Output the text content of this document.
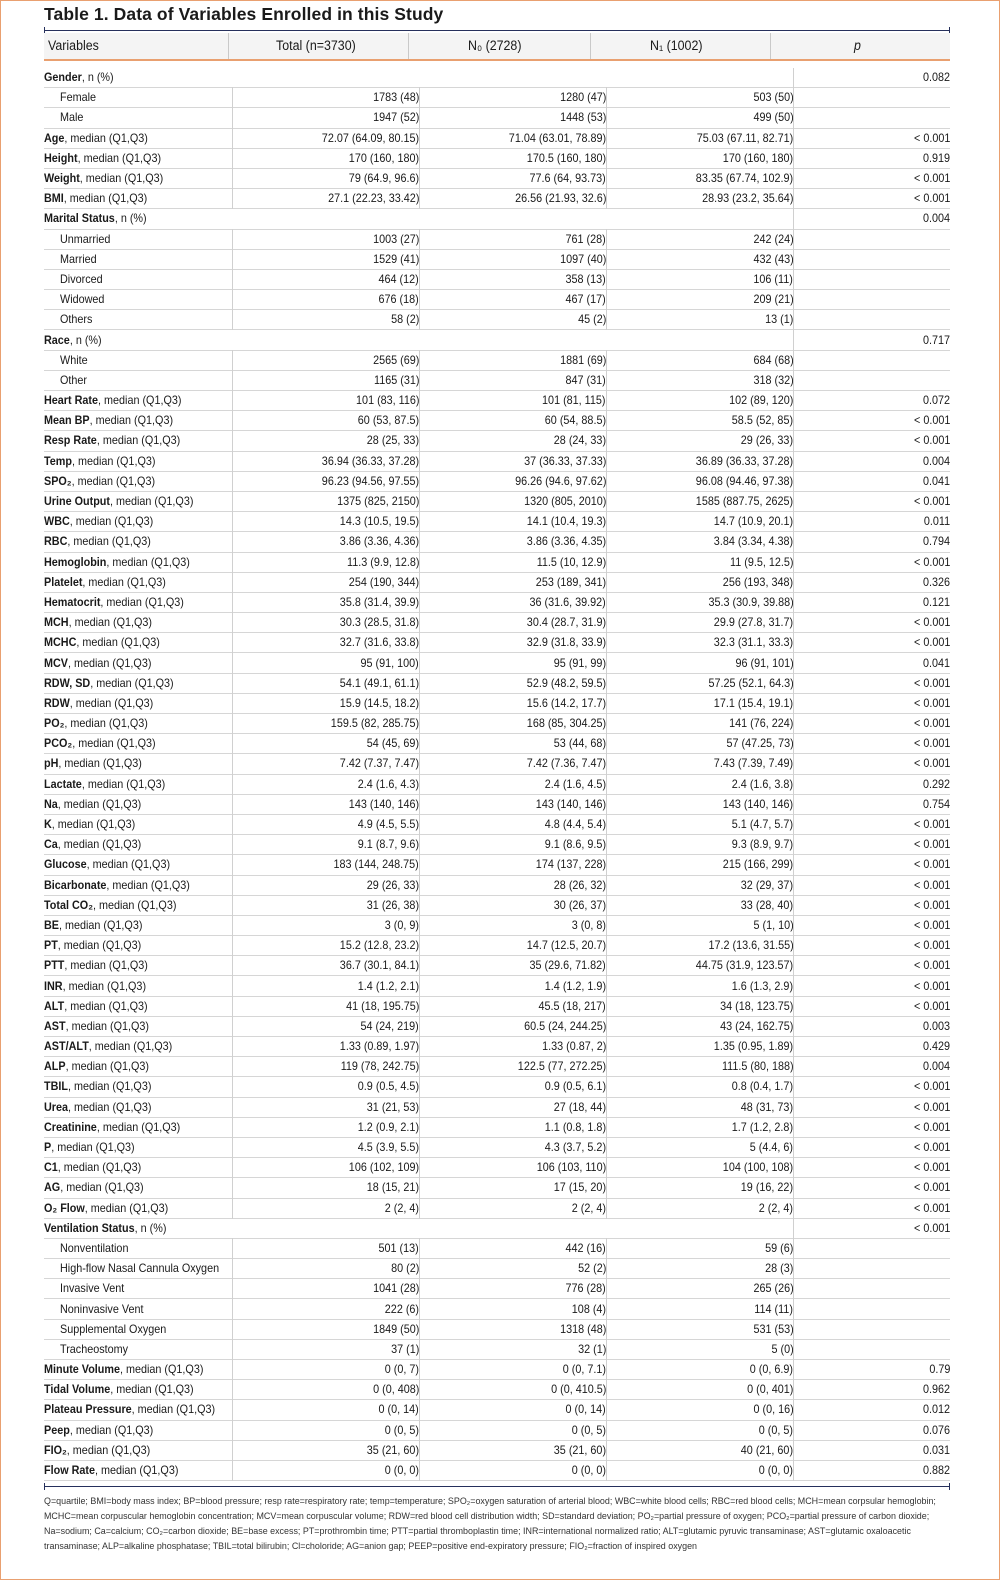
Table 1. Data of Variables Enrolled in this Study
Variables	Total (n=3730)	N₀ (2728)	N₁ (1002)	p
Gender, n (%)				0.082
Female	1783 (48)	1280 (47)	503 (50)	
Male	1947 (52)	1448 (53)	499 (50)	
Age, median (Q1,Q3)	72.07 (64.09, 80.15)	71.04 (63.01, 78.89)	75.03 (67.11, 82.71)	< 0.001
Height, median (Q1,Q3)	170 (160, 180)	170.5 (160, 180)	170 (160, 180)	0.919
Weight, median (Q1,Q3)	79 (64.9, 96.6)	77.6 (64, 93.73)	83.35 (67.74, 102.9)	< 0.001
BMI, median (Q1,Q3)	27.1 (22.23, 33.42)	26.56 (21.93, 32.6)	28.93 (23.2, 35.64)	< 0.001
Marital Status, n (%)				0.004
Unmarried	1003 (27)	761 (28)	242 (24)	
Married	1529 (41)	1097 (40)	432 (43)	
Divorced	464 (12)	358 (13)	106 (11)	
Widowed	676 (18)	467 (17)	209 (21)	
Others	58 (2)	45 (2)	13 (1)	
Race, n (%)				0.717
White	2565 (69)	1881 (69)	684 (68)	
Other	1165 (31)	847 (31)	318 (32)	
Heart Rate, median (Q1,Q3)	101 (83, 116)	101 (81, 115)	102 (89, 120)	0.072
Mean BP, median (Q1,Q3)	60 (53, 87.5)	60 (54, 88.5)	58.5 (52, 85)	< 0.001
Resp Rate, median (Q1,Q3)	28 (25, 33)	28 (24, 33)	29 (26, 33)	< 0.001
Temp, median (Q1,Q3)	36.94 (36.33, 37.28)	37 (36.33, 37.33)	36.89 (36.33, 37.28)	0.004
SPO₂, median (Q1,Q3)	96.23 (94.56, 97.55)	96.26 (94.6, 97.62)	96.08 (94.46, 97.38)	0.041
Urine Output, median (Q1,Q3)	1375 (825, 2150)	1320 (805, 2010)	1585 (887.75, 2625)	< 0.001
WBC, median (Q1,Q3)	14.3 (10.5, 19.5)	14.1 (10.4, 19.3)	14.7 (10.9, 20.1)	0.011
RBC, median (Q1,Q3)	3.86 (3.36, 4.36)	3.86 (3.36, 4.35)	3.84 (3.34, 4.38)	0.794
Hemoglobin, median (Q1,Q3)	11.3 (9.9, 12.8)	11.5 (10, 12.9)	11 (9.5, 12.5)	< 0.001
Platelet, median (Q1,Q3)	254 (190, 344)	253 (189, 341)	256 (193, 348)	0.326
Hematocrit, median (Q1,Q3)	35.8 (31.4, 39.9)	36 (31.6, 39.92)	35.3 (30.9, 39.88)	0.121
MCH, median (Q1,Q3)	30.3 (28.5, 31.8)	30.4 (28.7, 31.9)	29.9 (27.8, 31.7)	< 0.001
MCHC, median (Q1,Q3)	32.7 (31.6, 33.8)	32.9 (31.8, 33.9)	32.3 (31.1, 33.3)	< 0.001
MCV, median (Q1,Q3)	95 (91, 100)	95 (91, 99)	96 (91, 101)	0.041
RDW, SD, median (Q1,Q3)	54.1 (49.1, 61.1)	52.9 (48.2, 59.5)	57.25 (52.1, 64.3)	< 0.001
RDW, median (Q1,Q3)	15.9 (14.5, 18.2)	15.6 (14.2, 17.7)	17.1 (15.4, 19.1)	< 0.001
PO₂, median (Q1,Q3)	159.5 (82, 285.75)	168 (85, 304.25)	141 (76, 224)	< 0.001
PCO₂, median (Q1,Q3)	54 (45, 69)	53 (44, 68)	57 (47.25, 73)	< 0.001
pH, median (Q1,Q3)	7.42 (7.37, 7.47)	7.42 (7.36, 7.47)	7.43 (7.39, 7.49)	< 0.001
Lactate, median (Q1,Q3)	2.4 (1.6, 4.3)	2.4 (1.6, 4.5)	2.4 (1.6, 3.8)	0.292
Na, median (Q1,Q3)	143 (140, 146)	143 (140, 146)	143 (140, 146)	0.754
K, median (Q1,Q3)	4.9 (4.5, 5.5)	4.8 (4.4, 5.4)	5.1 (4.7, 5.7)	< 0.001
Ca, median (Q1,Q3)	9.1 (8.7, 9.6)	9.1 (8.6, 9.5)	9.3 (8.9, 9.7)	< 0.001
Glucose, median (Q1,Q3)	183 (144, 248.75)	174 (137, 228)	215 (166, 299)	< 0.001
Bicarbonate, median (Q1,Q3)	29 (26, 33)	28 (26, 32)	32 (29, 37)	< 0.001
Total CO₂, median (Q1,Q3)	31 (26, 38)	30 (26, 37)	33 (28, 40)	< 0.001
BE, median (Q1,Q3)	3 (0, 9)	3 (0, 8)	5 (1, 10)	< 0.001
PT, median (Q1,Q3)	15.2 (12.8, 23.2)	14.7 (12.5, 20.7)	17.2 (13.6, 31.55)	< 0.001
PTT, median (Q1,Q3)	36.7 (30.1, 84.1)	35 (29.6, 71.82)	44.75 (31.9, 123.57)	< 0.001
INR, median (Q1,Q3)	1.4 (1.2, 2.1)	1.4 (1.2, 1.9)	1.6 (1.3, 2.9)	< 0.001
ALT, median (Q1,Q3)	41 (18, 195.75)	45.5 (18, 217)	34 (18, 123.75)	< 0.001
AST, median (Q1,Q3)	54 (24, 219)	60.5 (24, 244.25)	43 (24, 162.75)	0.003
AST/ALT, median (Q1,Q3)	1.33 (0.89, 1.97)	1.33 (0.87, 2)	1.35 (0.95, 1.89)	0.429
ALP, median (Q1,Q3)	119 (78, 242.75)	122.5 (77, 272.25)	111.5 (80, 188)	0.004
TBIL, median (Q1,Q3)	0.9 (0.5, 4.5)	0.9 (0.5, 6.1)	0.8 (0.4, 1.7)	< 0.001
Urea, median (Q1,Q3)	31 (21, 53)	27 (18, 44)	48 (31, 73)	< 0.001
Creatinine, median (Q1,Q3)	1.2 (0.9, 2.1)	1.1 (0.8, 1.8)	1.7 (1.2, 2.8)	< 0.001
P, median (Q1,Q3)	4.5 (3.9, 5.5)	4.3 (3.7, 5.2)	5 (4.4, 6)	< 0.001
C1, median (Q1,Q3)	106 (102, 109)	106 (103, 110)	104 (100, 108)	< 0.001
AG, median (Q1,Q3)	18 (15, 21)	17 (15, 20)	19 (16, 22)	< 0.001
O₂ Flow, median (Q1,Q3)	2 (2, 4)	2 (2, 4)	2 (2, 4)	< 0.001
Ventilation Status, n (%)				< 0.001
Nonventilation	501 (13)	442 (16)	59 (6)	
High-flow Nasal Cannula Oxygen	80 (2)	52 (2)	28 (3)	
Invasive Vent	1041 (28)	776 (28)	265 (26)	
Noninvasive Vent	222 (6)	108 (4)	114 (11)	
Supplemental Oxygen	1849 (50)	1318 (48)	531 (53)	
Tracheostomy	37 (1)	32 (1)	5 (0)	
Minute Volume, median (Q1,Q3)	0 (0, 7)	0 (0, 7.1)	0 (0, 6.9)	0.79
Tidal Volume, median (Q1,Q3)	0 (0, 408)	0 (0, 410.5)	0 (0, 401)	0.962
Plateau Pressure, median (Q1,Q3)	0 (0, 14)	0 (0, 14)	0 (0, 16)	0.012
Peep, median (Q1,Q3)	0 (0, 5)	0 (0, 5)	0 (0, 5)	0.076
FIO₂, median (Q1,Q3)	35 (21, 60)	35 (21, 60)	40 (21, 60)	0.031
Flow Rate, median (Q1,Q3)	0 (0, 0)	0 (0, 0)	0 (0, 0)	0.882
Q=quartile; BMI=body mass index; BP=blood pressure; resp rate=respiratory rate; temp=temperature; SPO₂=oxygen saturation of arterial blood; WBC=white blood cells; RBC=red blood cells; MCH=mean corpsular hemoglobin; MCHC=mean corpuscular hemoglobin concentration; MCV=mean corpuscular volume; RDW=red blood cell distribution width; SD=standard deviation; PO₂=partial pressure of oxygen; PCO₂=partial pressure of carbon dioxide; Na=sodium; Ca=calcium; CO₂=carbon dioxide; BE=base excess; PT=prothrombin time; PTT=partial thromboplastin time; INR=international normalized ratio; ALT=glutamic pyruvic transaminase; AST=glutamic oxaloacetic transaminase; ALP=alkaline phosphatase; TBIL=total bilirubin; Cl=choloride; AG=anion gap; PEEP=positive end-expiratory pressure; FIO₂=fraction of inspired oxygen
